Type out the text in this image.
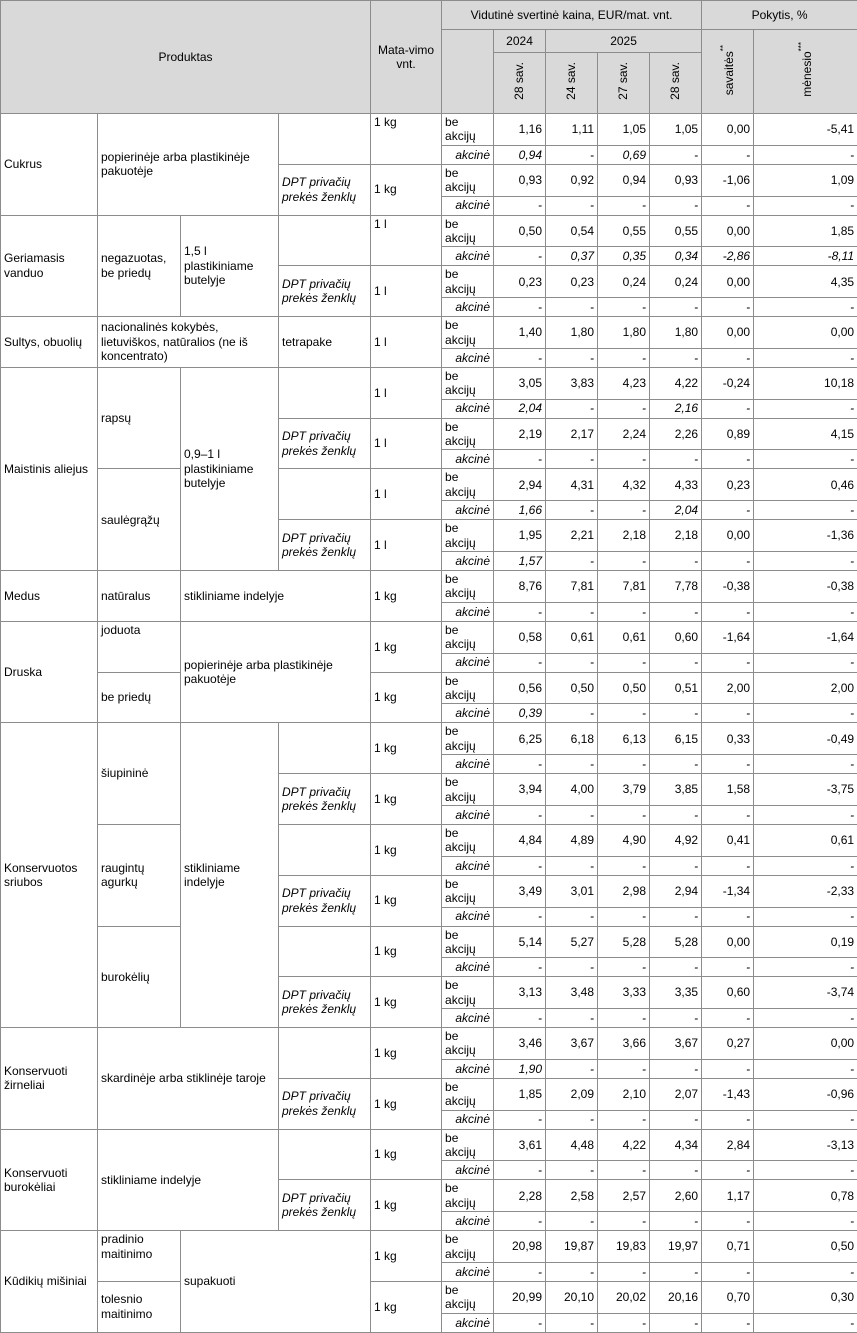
Produktas				Mata-vimo vnt.	Vidutinė svertinė kaina, EUR/mat. vnt.					Pokytis, %		
						2024	2025			savaitės**	mėnesio***	
						28 sav.	24 sav.	27 sav.	28 sav.			
Cukrus	popierinėje arba plastikinėje pakuotėje			1 kg	be akcijų	1,16	1,11	1,05	1,05	0,00	-5,41	
					akcinė	0,94	-	0,69	-	-	-	
			DPT privačių prekės ženklų	1 kg	be akcijų	0,93	0,92	0,94	0,93	-1,06	1,09	
					akcinė	-	-	-	-	-	-	
Geriamasis vanduo	negazuotas, be priedų	1,5 l plastikiniame butelyje		1 l	be akcijų	0,50	0,54	0,55	0,55	0,00	1,85	
					akcinė	-	0,37	0,35	0,34	-2,86	-8,11	
			DPT privačių prekės ženklų	1 l	be akcijų	0,23	0,23	0,24	0,24	0,00	4,35	
					akcinė	-	-	-	-	-	-	
Sultys, obuolių	nacionalinės kokybės, lietuviškos, natūralios (ne iš koncentrato)		tetrapake	1 l	be akcijų	1,40	1,80	1,80	1,80	0,00	0,00	
					akcinė	-	-	-	-	-	-	
Maistinis aliejus	rapsų	0,9–1 l plastikiniame butelyje		1 l	be akcijų	3,05	3,83	4,23	4,22	-0,24	10,18	
					akcinė	2,04	-	-	2,16	-	-	
			DPT privačių prekės ženklų	1 l	be akcijų	2,19	2,17	2,24	2,26	0,89	4,15	
					akcinė	-	-	-	-	-	-	
	saulėgrąžų			1 l	be akcijų	2,94	4,31	4,32	4,33	0,23	0,46	
					akcinė	1,66	-	-	2,04	-	-	
			DPT privačių prekės ženklų	1 l	be akcijų	1,95	2,21	2,18	2,18	0,00	-1,36	
					akcinė	1,57	-	-	-	-	-	
Medus	natūralus	stikliniame indelyje		1 kg	be akcijų	8,76	7,81	7,81	7,78	-0,38	-0,38	
					akcinė	-	-	-	-	-	-	
Druska	joduota	popierinėje arba plastikinėje pakuotėje		1 kg	be akcijų	0,58	0,61	0,61	0,60	-1,64	-1,64	
					akcinė	-	-	-	-	-	-	
	be priedų			1 kg	be akcijų	0,56	0,50	0,50	0,51	2,00	2,00	
					akcinė	0,39	-	-	-	-	-	
Konservuotos sriubos	šiupininė	stikliniame indelyje		1 kg	be akcijų	6,25	6,18	6,13	6,15	0,33	-0,49	
					akcinė	-	-	-	-	-	-	
			DPT privačių prekės ženklų	1 kg	be akcijų	3,94	4,00	3,79	3,85	1,58	-3,75	
					akcinė	-	-	-	-	-	-	
	raugintų agurkų			1 kg	be akcijų	4,84	4,89	4,90	4,92	0,41	0,61	
					akcinė	-	-	-	-	-	-	
			DPT privačių prekės ženklų	1 kg	be akcijų	3,49	3,01	2,98	2,94	-1,34	-2,33	
					akcinė	-	-	-	-	-	-	
	burokėlių			1 kg	be akcijų	5,14	5,27	5,28	5,28	0,00	0,19	
					akcinė	-	-	-	-	-	-	
			DPT privačių prekės ženklų	1 kg	be akcijų	3,13	3,48	3,33	3,35	0,60	-3,74	
					akcinė	-	-	-	-	-	-	
Konservuoti žirneliai	skardinėje arba stiklinėje taroje			1 kg	be akcijų	3,46	3,67	3,66	3,67	0,27	0,00	
					akcinė	1,90	-	-	-	-	-	
			DPT privačių prekės ženklų	1 kg	be akcijų	1,85	2,09	2,10	2,07	-1,43	-0,96	
					akcinė	-	-	-	-	-	-	
Konservuoti burokėliai	stikliniame indelyje			1 kg	be akcijų	3,61	4,48	4,22	4,34	2,84	-3,13	
					akcinė	-	-	-	-	-	-	
			DPT privačių prekės ženklų	1 kg	be akcijų	2,28	2,58	2,57	2,60	1,17	0,78	
					akcinė	-	-	-	-	-	-	
Kūdikių mišiniai	pradinio maitinimo	supakuoti		1 kg	be akcijų	20,98	19,87	19,83	19,97	0,71	0,50	
					akcinė	-	-	-	-	-	-	
	tolesnio maitinimo			1 kg	be akcijų	20,99	20,10	20,02	20,16	0,70	0,30	
					akcinė	-	-	-	-	-	-	
